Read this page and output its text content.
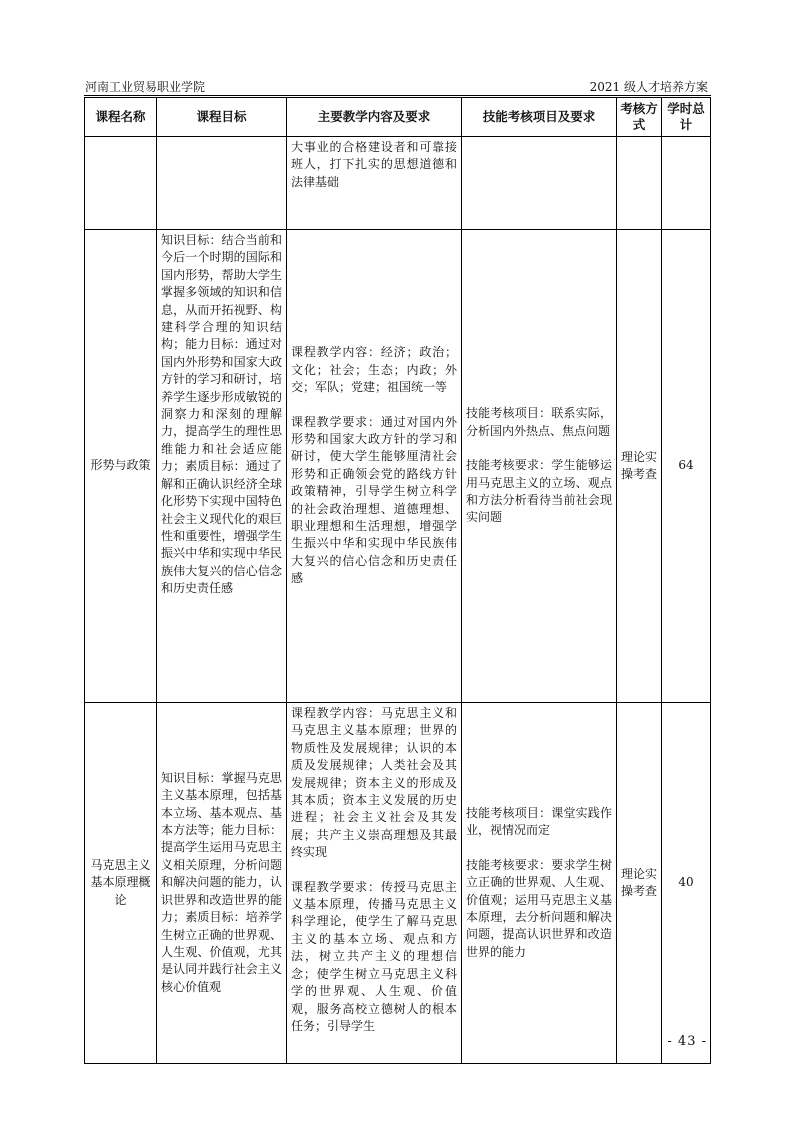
河南工业贸易职业学院	2021 级人才培养方案
课程名称	课程目标	主要教学内容及要求	技能考核项目及要求	考核方式	学时总计

		大事业的合格建设者和可靠接班人，打下扎实的思想道德和法律基础			

形势与政策	知识目标：结合当前和今后一个时期的国际和国内形势，帮助大学生掌握多领域的知识和信息，从而开拓视野、构建科学合理的知识结构；能力目标：通过对国内外形势和国家大政方针的学习和研讨，培养学生逐步形成敏锐的洞察力和深刻的理解力，提高学生的理性思维能力和社会适应能力；素质目标：通过了解和正确认识经济全球化形势下实现中国特色社会主义现代化的艰巨性和重要性，增强学生振兴中华和实现中华民族伟大复兴的信心信念和历史责任感	课程教学内容：经济；政治；文化；社会；生态；内政；外交；军队；党建；祖国统一等
课程教学要求：通过对国内外形势和国家大政方针的学习和研讨，使大学生能够厘清社会形势和正确领会党的路线方针政策精神，引导学生树立科学的社会政治理想、道德理想、职业理想和生活理想，增强学生振兴中华和实现中华民族伟大复兴的信心信念和历史责任感	技能考核项目：联系实际，分析国内外热点、焦点问题
技能考核要求：学生能够运用马克思主义的立场、观点和方法分析看待当前社会现实问题	理论实操考查	64
马克思主义基本原理概论	知识目标：掌握马克思主义基本原理，包括基本立场、基本观点、基本方法等；能力目标：提高学生运用马克思主义相关原理，分析问题和解决问题的能力，认识世界和改造世界的能力；素质目标：培养学生树立正确的世界观、人生观、价值观，尤其是认同并践行社会主义核心价值观	课程教学内容：马克思主义和马克思主义基本原理；世界的物质性及发展规律；认识的本质及发展规律；人类社会及其发展规律；资本主义的形成及其本质；资本主义发展的历史进程；社会主义社会及其发展；共产主义崇高理想及其最终实现
课程教学要求：传授马克思主义基本原理，传播马克思主义科学理论，使学生了解马克思主义的基本立场、观点和方法，树立共产主义的理想信念；使学生树立马克思主义科学的世界观、人生观、价值观，服务高校立德树人的根本任务；引导学生	技能考核项目：课堂实践作业，视情况而定
技能考核要求：要求学生树立正确的世界观、人生观、价值观；运用马克思主义基本原理，去分析问题和解决问题，提高认识世界和改造世界的能力	理论实操考查	40
- 43 -
